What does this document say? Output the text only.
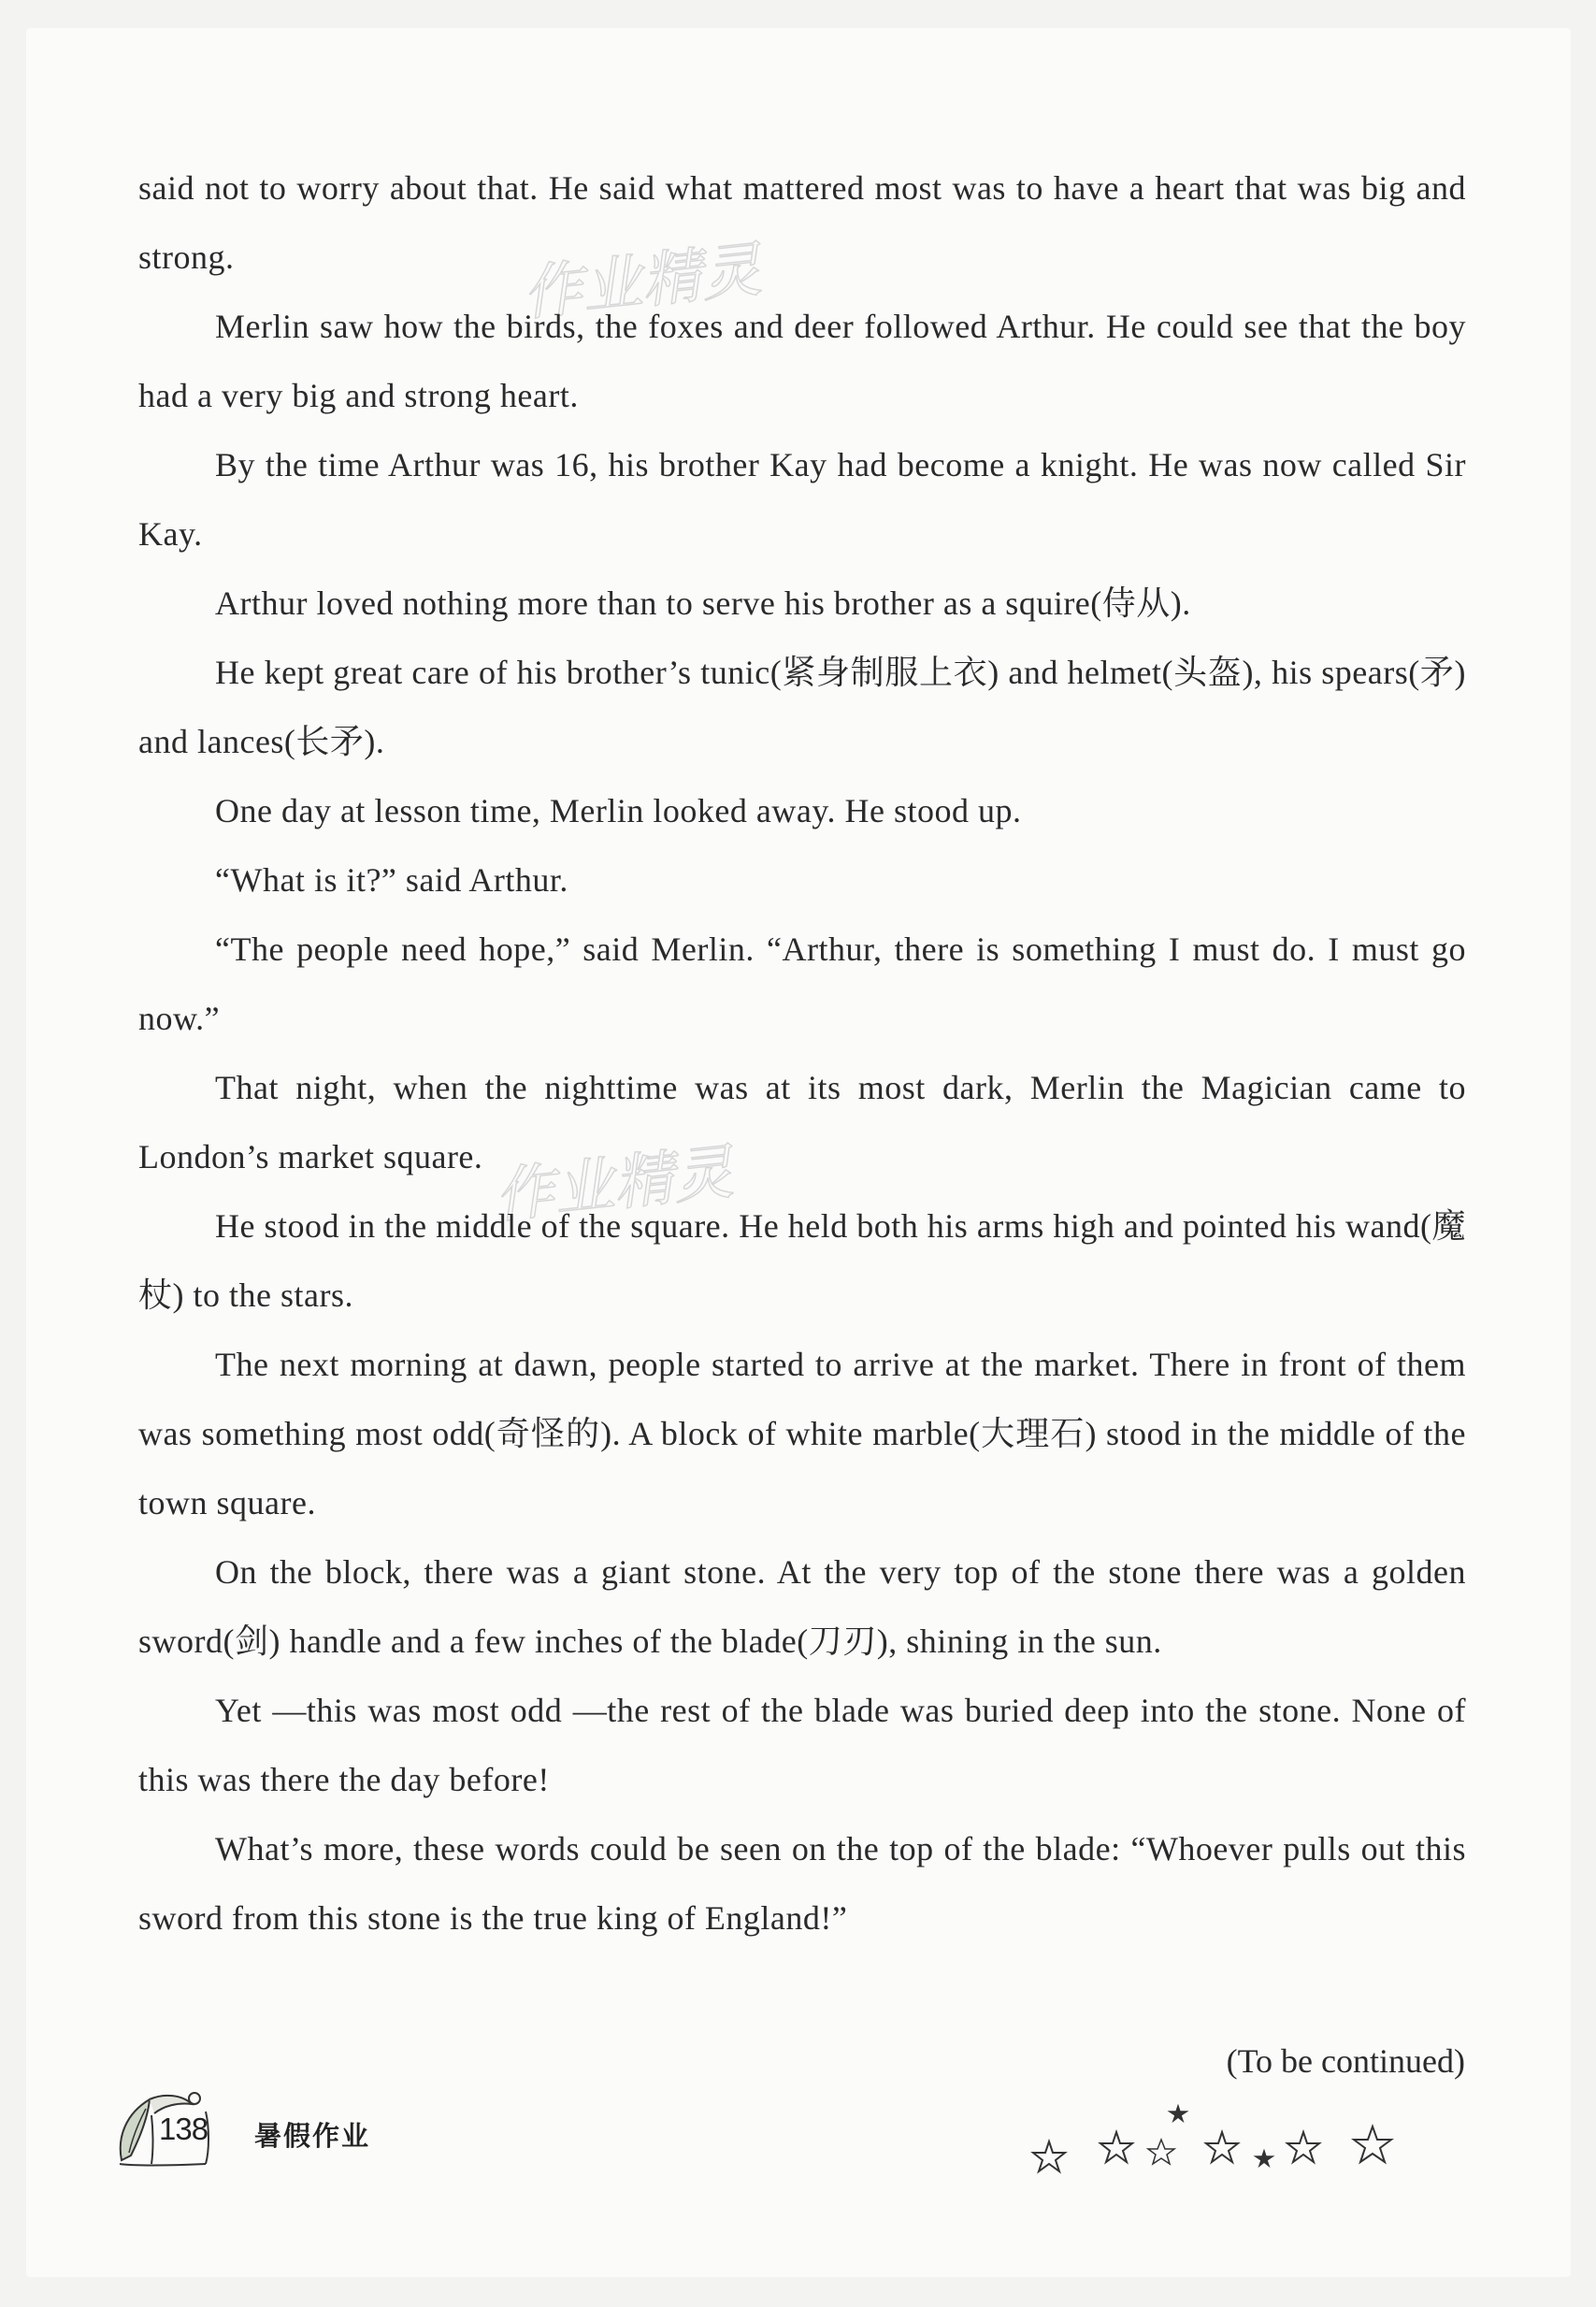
said not to worry about that. He said what mattered most was to have a heart that was big and strong.

Merlin saw how the birds, the foxes and deer followed Arthur. He could see that the boy had a very big and strong heart.

By the time Arthur was 16, his brother Kay had become a knight. He was now called Sir Kay.

Arthur loved nothing more than to serve his brother as a squire(侍从).

He kept great care of his brother’s tunic(紧身制服上衣) and helmet(头盔), his spears(矛) and lances(长矛).

One day at lesson time, Merlin looked away. He stood up.

“What is it?” said Arthur.

“The people need hope,” said Merlin. “Arthur, there is something I must do. I must go now.”

That night, when the nighttime was at its most dark, Merlin the Magician came to London’s market square.

He stood in the middle of the square. He held both his arms high and pointed his wand(魔杖) to the stars.

The next morning at dawn, people started to arrive at the market. There in front of them was something most odd(奇怪的). A block of white marble(大理石) stood in the middle of the town square.

On the block, there was a giant stone. At the very top of the stone there was a golden sword(剑) handle and a few inches of the blade(刀刃), shining in the sun.

Yet —this was most odd —the rest of the blade was buried deep into the stone. None of this was there the day before!

What’s more, these words could be seen on the top of the blade: “Whoever pulls out this sword from this stone is the true king of England!”

(To be continued)
138 暑假作业
